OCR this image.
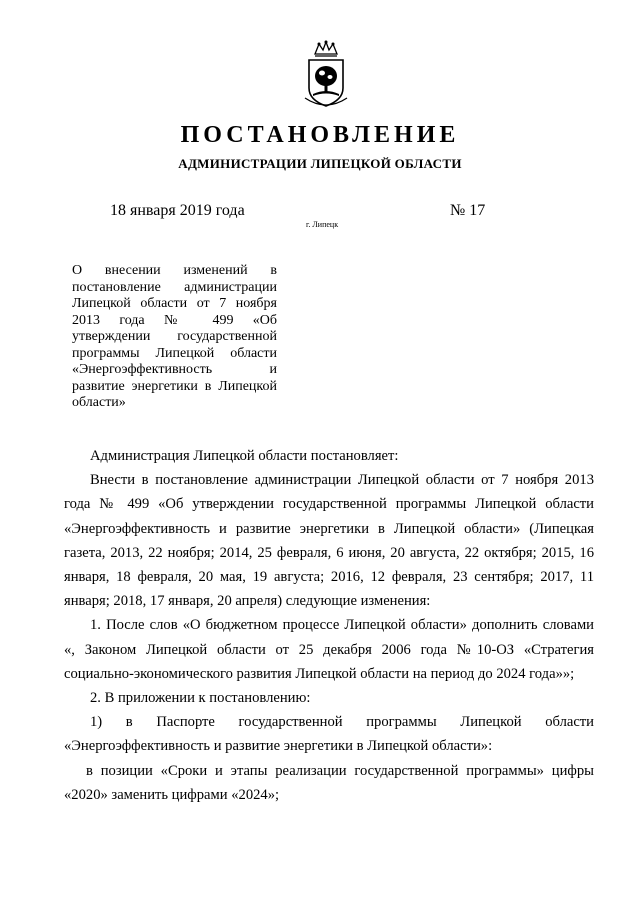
ПОСТАНОВЛЕНИЕ
АДМИНИСТРАЦИИ ЛИПЕЦКОЙ ОБЛАСТИ
18 января 2019 года
г. Липецк
№ 17
О внесении изменений в постановление администрации Липецкой области от 7 ноября 2013 года № 499 «Об утверждении государственной программы Липецкой области «Энергоэффективность и развитие энергетики в Липецкой области»

Администрация Липецкой области постановляет:

Внести в постановление администрации Липецкой области от 7 ноября 2013 года № 499 «Об утверждении государственной программы Липецкой области «Энергоэффективность и развитие энергетики в Липецкой области» (Липецкая газета, 2013, 22 ноября; 2014, 25 февраля, 6 июня, 20 августа, 22 октября; 2015, 16 января, 18 февраля, 20 мая, 19 августа; 2016, 12 февраля, 23 сентября; 2017, 11 января; 2018, 17 января, 20 апреля) следующие изменения:

1. После слов «О бюджетном процессе Липецкой области» дополнить словами «, Законом Липецкой области от 25 декабря 2006 года №10-ОЗ «Стратегия социально-экономического развития Липецкой области на период до 2024 года»»;

2. В приложении к постановлению:

1) в Паспорте государственной программы Липецкой области «Энергоэффективность и развитие энергетики в Липецкой области»:

в позиции «Сроки и этапы реализации государственной программы» цифры «2020» заменить цифрами «2024»;
